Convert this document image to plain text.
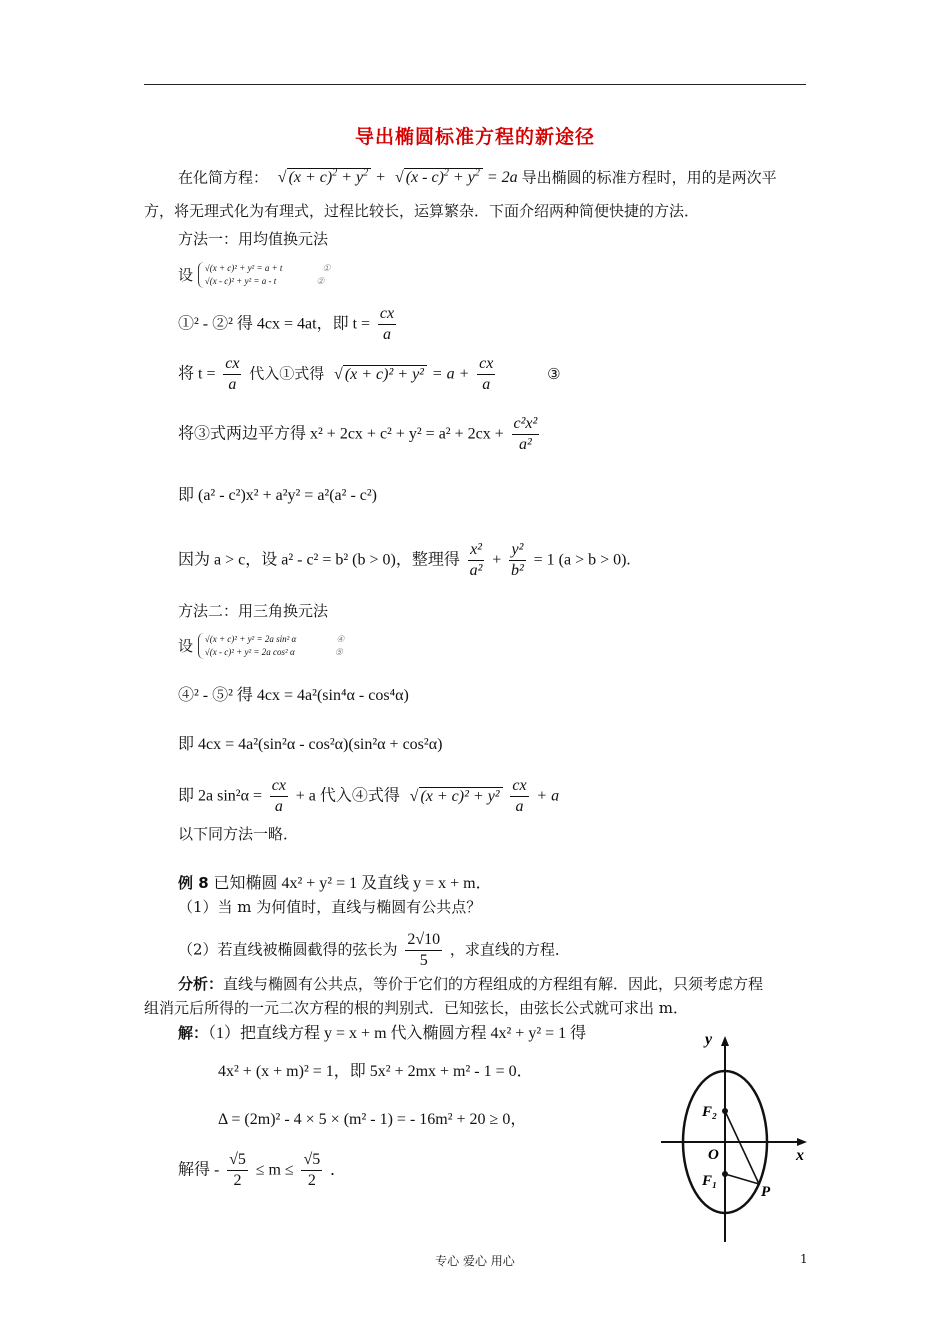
导出椭圆标准方程的新途径
在化简方程： √ $(x + c)^2 + y^2$ + √ $(x - c)^2 + y^2 = 2a$ 导出椭圆的标准方程时，用的是两次平
方，将无理式化为有理式，过程比较长，运算繁杂．下面介绍两种简便快捷的方法．
方法一：用均值换元法
设 √(x + c)² + y² = a + t	①
√(x - c)² + y² = a - t	②
①² - ②² 得 4cx = 4at，即 $t = \frac{cx}{a}$
将 $t = \frac{cx}{a}$ 代入①式得 √ $(x + c)^2 + y^2 = a + \frac{cx}{a}$	③
将③式两边平方得 $x^2 + 2cx + c^2 + y^2 = a^2 + 2cx + \frac{\text{c²x²}}{\text{a²}}$
即 (a² - c²)x² + a²y² = a²(a² - c²)
因为 a > c，设 a² - c² = b² (b > 0)，整理得 $\frac{\text{x²}}{\text{a²}} + \frac{\text{y²}}{\text{b²}} = 1$ (a > b > 0).
方法二：用三角换元法
设 √(x + c)² + y² = 2a sin² α	④
√(x - c)² + y² = 2a cos² α	⑤
④² - ⑤² 得 4cx = 4a²(sin⁴α - cos⁴α)
即 4cx = 4a²(sin²α - cos²α)(sin²α + cos²α)
即 2a $\sin^2\alpha = \frac{cx}{a} + a$ 代入④式得 √ $(x + c)^2 + y^2 \frac{cx}{a} + a$
以下同方法一略．
例 8 已知椭圆 4x² + y² = 1 及直线 y = x + m．
（1）当 m 为何值时，直线与椭圆有公共点？
（2）若直线被椭圆截得的弦长为 $\frac{2√10}{5}$ ，求直线的方程．
分析：直线与椭圆有公共点，等价于它们的方程组成的方程组有解．因此，只须考虑方程
组消元后所得的一元二次方程的根的判别式．已知弦长，由弦长公式就可求出 m．
解：（1）把直线方程 y = x + m 代入椭圆方程 4x² + y² = 1 得
4x² + (x + m)² = 1，即 5x² + 2mx + m² - 1 = 0．
Δ = (2m)² - 4 × 5 × (m² - 1) = - 16m² + 20 ≥ 0，
解得 - $\frac{√5}{2} \le m \le \frac{√5}{2}$ ．
y
x
O
F₂
F₁
P
专心 爱心 用心	1
